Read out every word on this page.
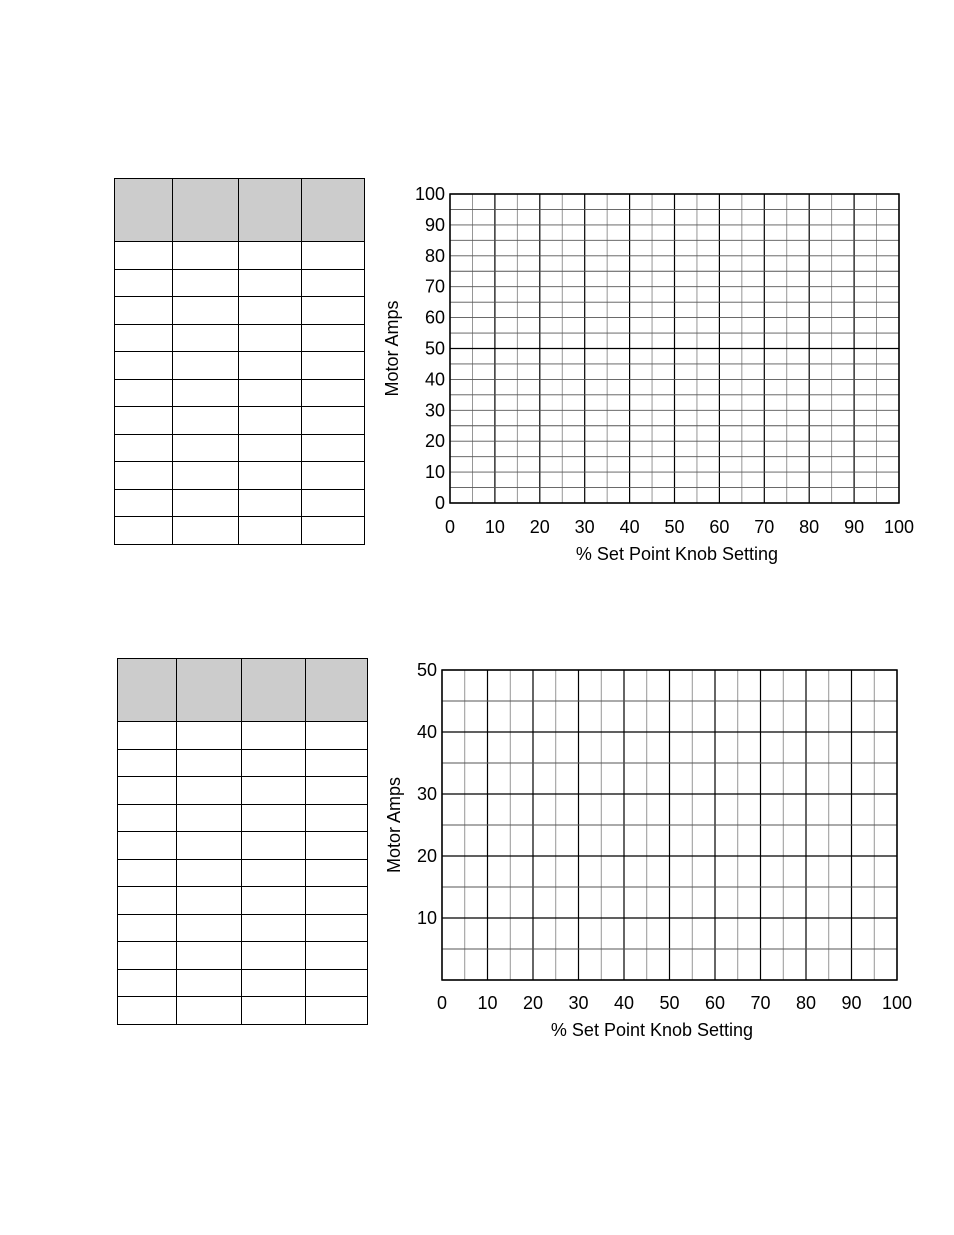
0 10 20 30 40 50 60 70 80 90 100
0
10
20
30
40
50
60
70
80
90
100
% Set Point Knob Setting
Motor Amps
0 10 20 30 40 50 60 70 80 90 100
10
20
30
40
50
% Set Point Knob Setting
Motor Amps
